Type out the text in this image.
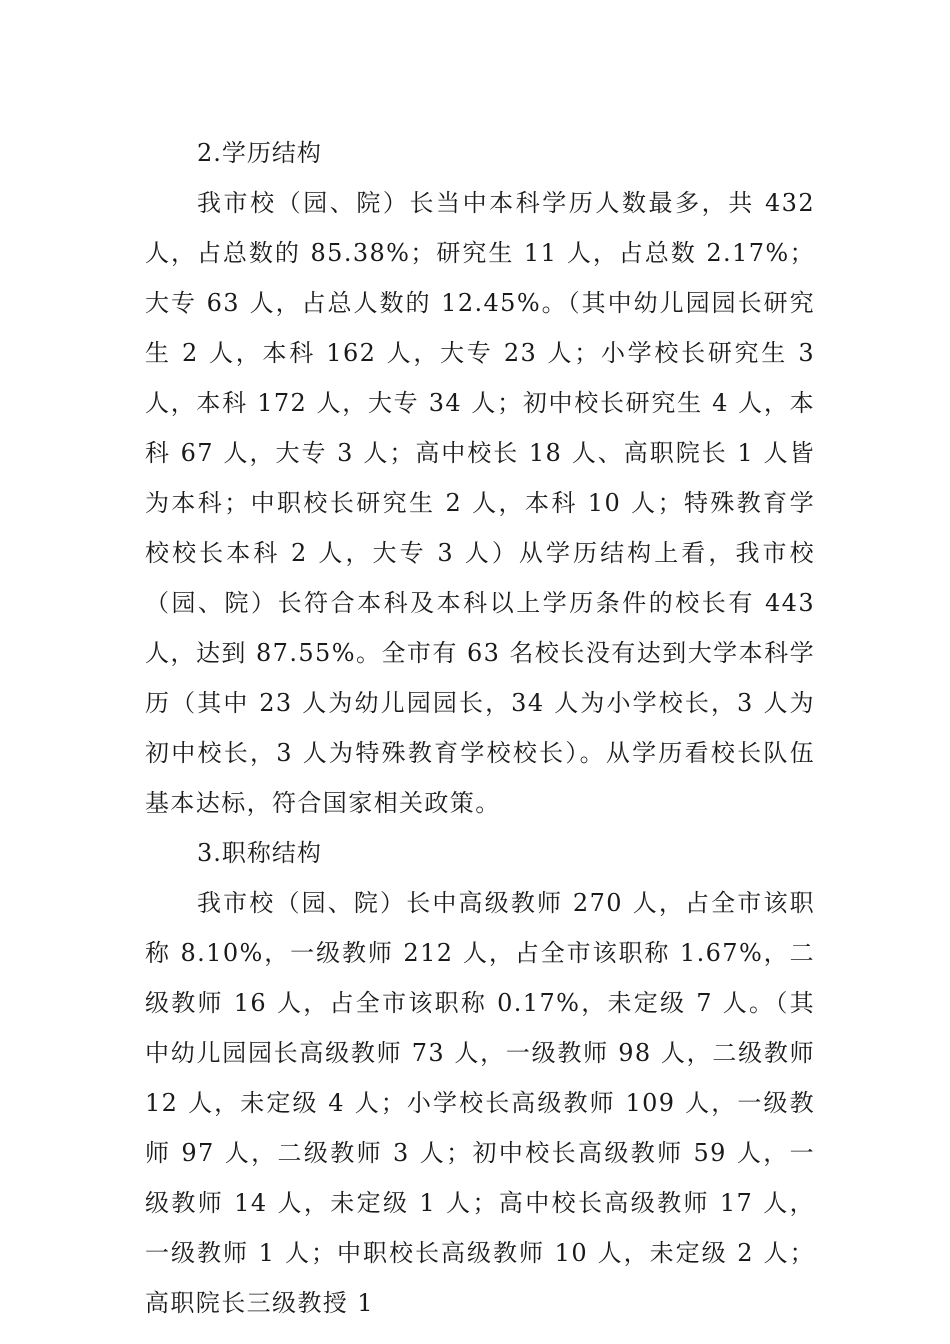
2.学历结构

我市校（园、院）长当中本科学历人数最多，共 432 人，占总数的 85.38%；研究生 11 人，占总数 2.17%；大专 63 人，占总人数的 12.45%。（其中幼儿园园长研究生 2 人，本科 162 人，大专 23 人；小学校长研究生 3 人，本科 172 人，大专 34 人；初中校长研究生 4 人，本科 67 人，大专 3 人；高中校长 18 人、高职院长 1 人皆为本科；中职校长研究生 2 人，本科 10 人；特殊教育学校校长本科 2 人，大专 3 人）从学历结构上看，我市校（园、院）长符合本科及本科以上学历条件的校长有 443 人，达到 87.55%。全市有 63 名校长没有达到大学本科学历（其中 23 人为幼儿园园长，34 人为小学校长，3 人为初中校长，3 人为特殊教育学校校长）。从学历看校长队伍基本达标，符合国家相关政策。

3.职称结构

我市校（园、院）长中高级教师 270 人，占全市该职称 8.10%，一级教师 212 人，占全市该职称 1.67%，二级教师 16 人，占全市该职称 0.17%，未定级 7 人。（其中幼儿园园长高级教师 73 人，一级教师 98 人，二级教师 12 人，未定级 4 人；小学校长高级教师 109 人，一级教师 97 人，二级教师 3 人；初中校长高级教师 59 人，一级教师 14 人，未定级 1 人；高中校长高级教师 17 人，一级教师 1 人；中职校长高级教师 10 人，未定级 2 人；高职院长三级教授 1
